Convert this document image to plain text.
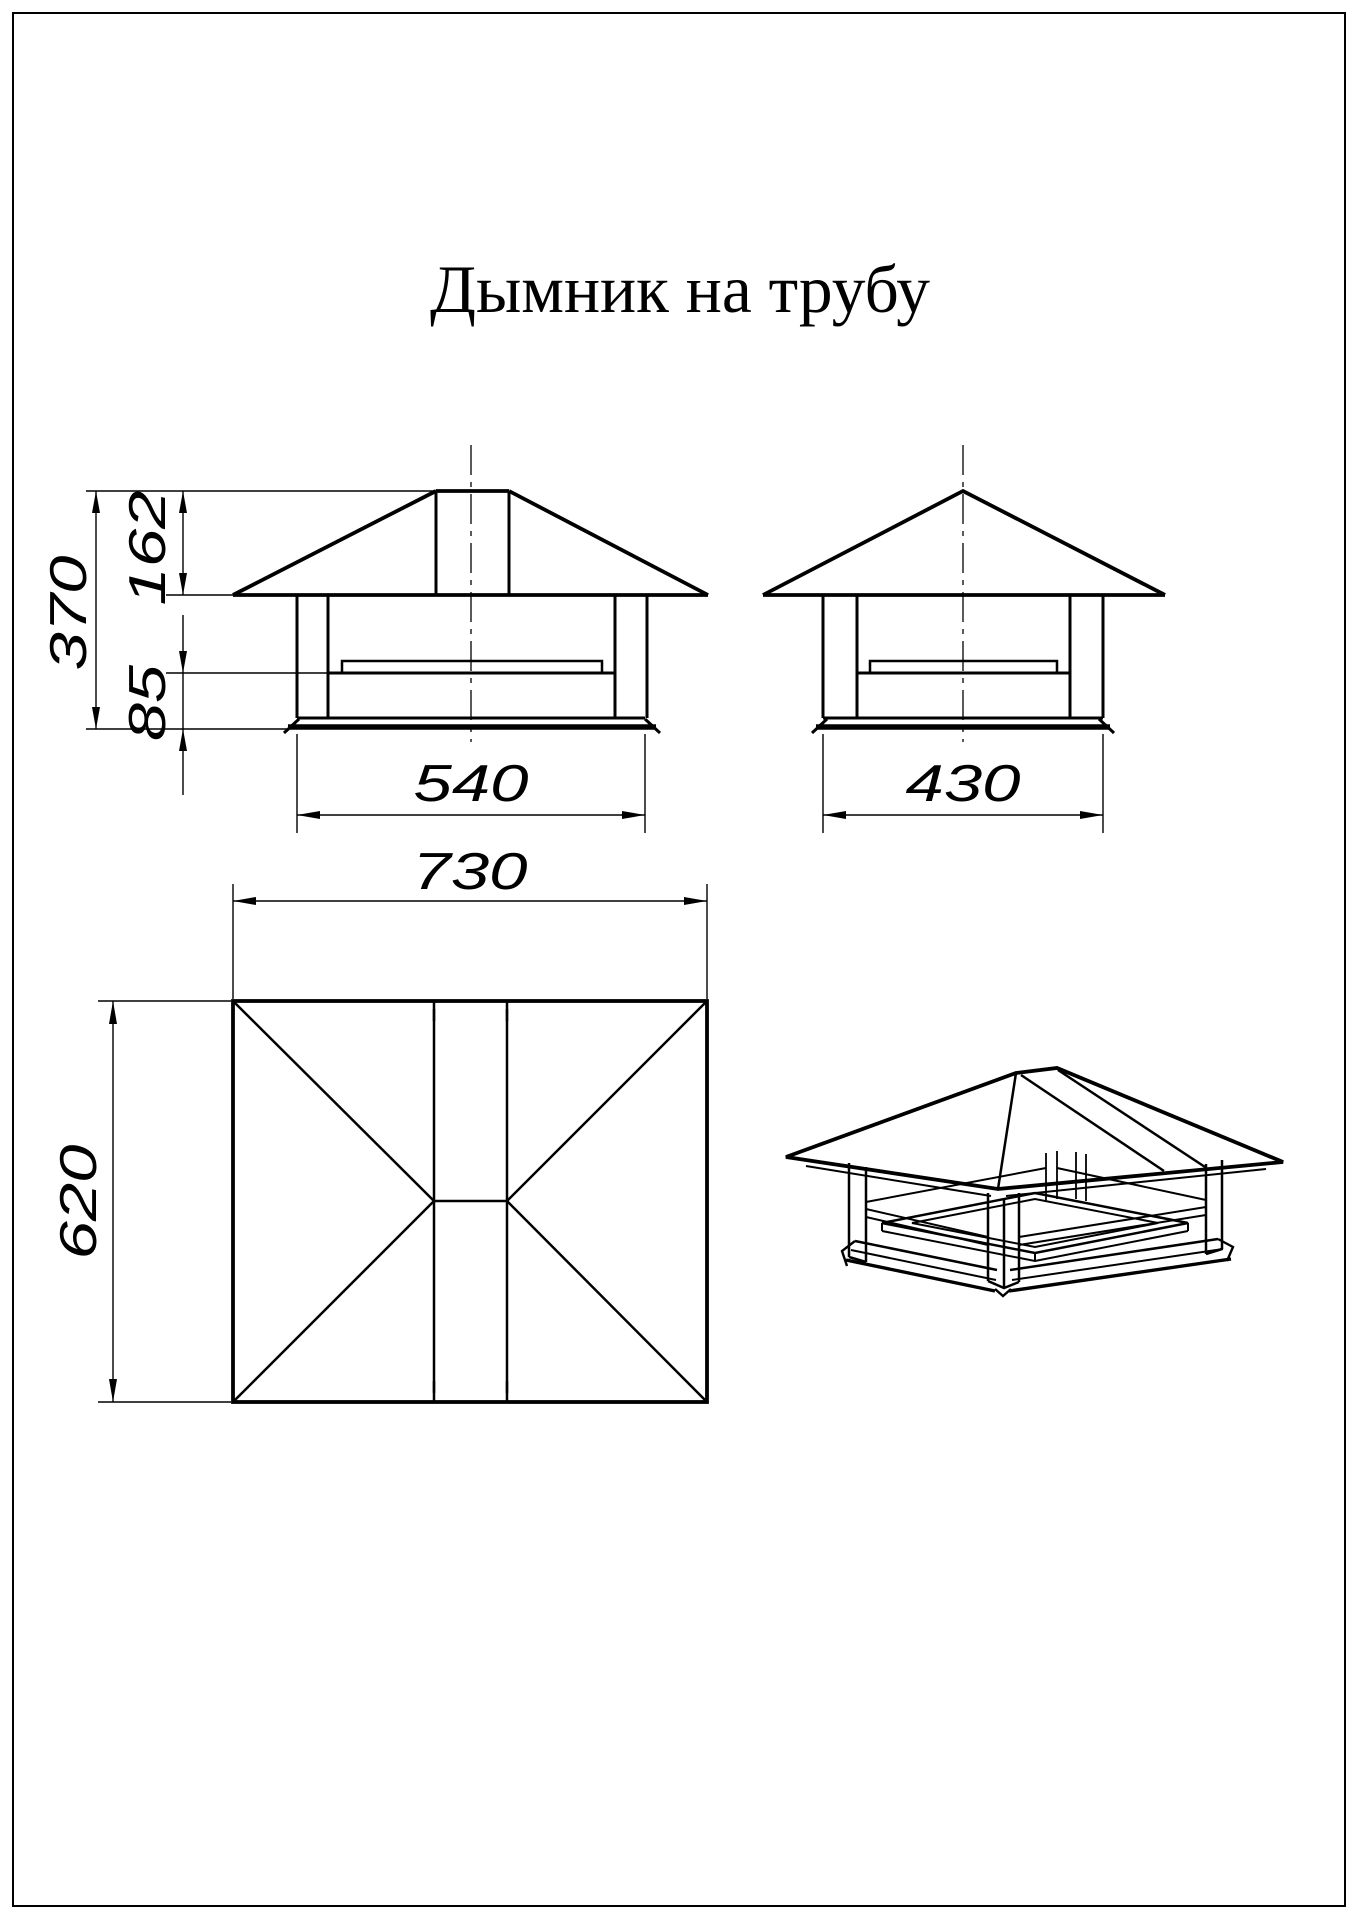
Дымник на трубу
370
162
85
540	430
730
620
